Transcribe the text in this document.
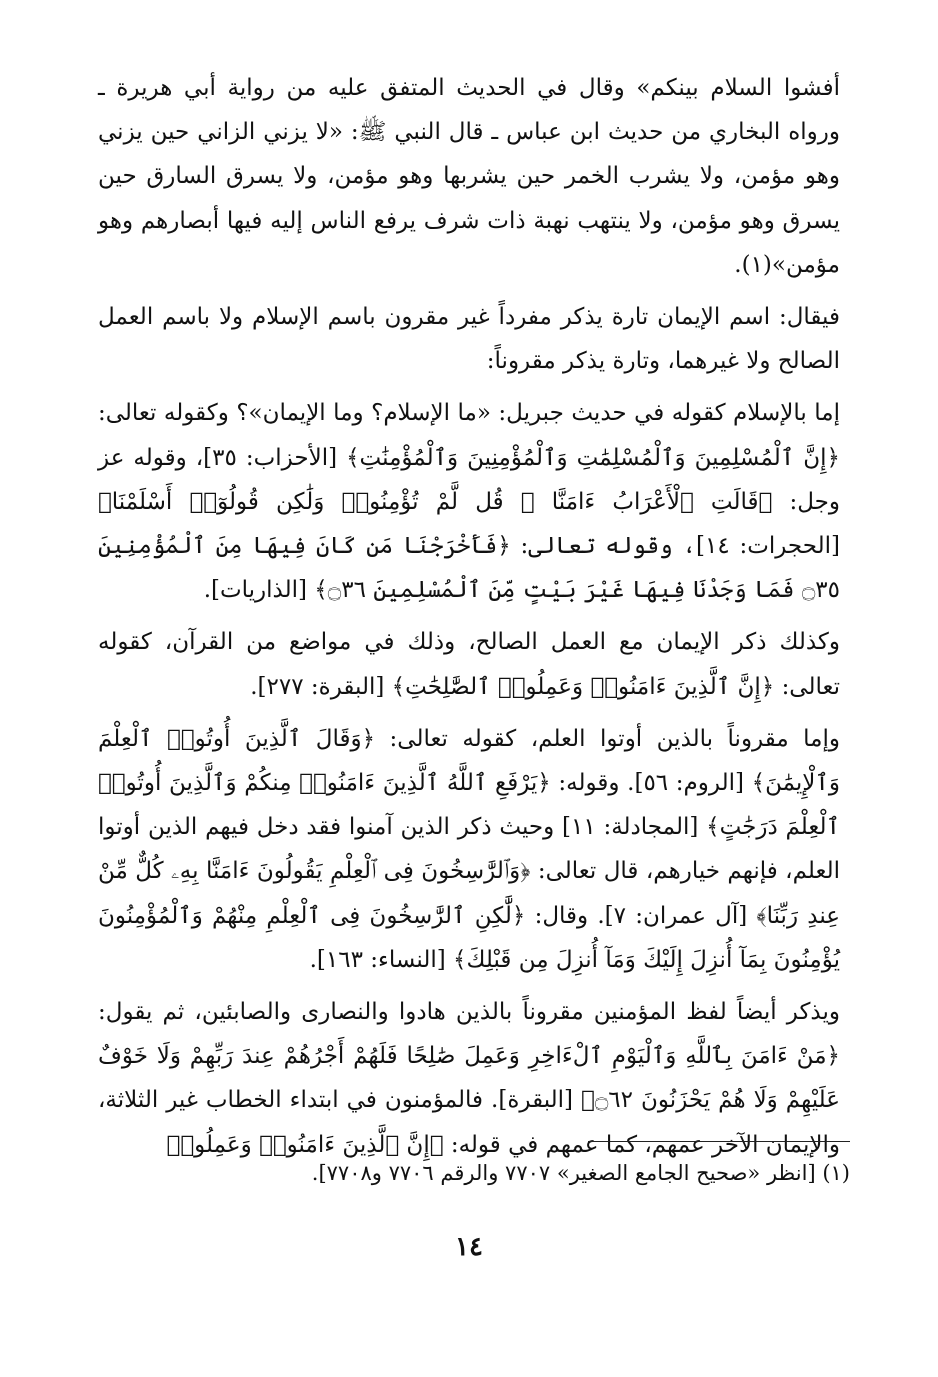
أفشوا السلام بينكم» وقال في الحديث المتفق عليه من رواية أبي هريرة ـ ورواه البخاري من حديث ابن عباس ـ قال النبي ﷺ: «لا يزني الزاني حين يزني وهو مؤمن، ولا يشرب الخمر حين يشربها وهو مؤمن، ولا يسرق السارق حين يسرق وهو مؤمن، ولا ينتهب نهبة ذات شرف يرفع الناس إليه فيها أبصارهم وهو مؤمن»(١).

فيقال: اسم الإيمان تارة يذكر مفرداً غير مقرون باسم الإسلام ولا باسم العمل الصالح ولا غيرهما، وتارة يذكر مقروناً:

إما بالإسلام كقوله في حديث جبريل: «ما الإسلام؟ وما الإيمان»؟ وكقوله تعالى: ﴿إِنَّ ٱلْمُسْلِمِينَ وَٱلْمُسْلِمَٰتِ وَٱلْمُؤْمِنِينَ وَٱلْمُؤْمِنَٰتِ﴾ [الأحزاب: ٣٥]، وقوله عز وجل: ﴿قَالَتِ ٱلْأَعْرَابُ ءَامَنَّا ۖ قُل لَّمْ تُؤْمِنُوا۟ وَلَٰكِن قُولُوٓا۟ أَسْلَمْنَا﴾ [الحجرات: ١٤]، وقوله تعالى: ﴿فَأَخْرَجْنَا مَن كَانَ فِيهَا مِنَ ٱلْمُؤْمِنِينَ ۝٣٥ فَمَا وَجَدْنَا فِيهَا غَيْرَ بَيْتٍ مِّنَ ٱلْمُسْلِمِينَ ۝٣٦﴾ [الذاريات].

وكذلك ذكر الإيمان مع العمل الصالح، وذلك في مواضع من القرآن، كقوله تعالى: ﴿إِنَّ ٱلَّذِينَ ءَامَنُوا۟ وَعَمِلُوا۟ ٱلصَّٰلِحَٰتِ﴾ [البقرة: ٢٧٧].

وإما مقروناً بالذين أوتوا العلم، كقوله تعالى: ﴿وَقَالَ ٱلَّذِينَ أُوتُوا۟ ٱلْعِلْمَ وَٱلْإِيمَٰنَ﴾ [الروم: ٥٦]. وقوله: ﴿يَرْفَعِ ٱللَّهُ ٱلَّذِينَ ءَامَنُوا۟ مِنكُمْ وَٱلَّذِينَ أُوتُوا۟ ٱلْعِلْمَ دَرَجَٰتٍ﴾ [المجادلة: ١١] وحيث ذكر الذين آمنوا فقد دخل فيهم الذين أوتوا العلم، فإنهم خيارهم، قال تعالى: ﴿وَٱلرَّٰسِخُونَ فِى ٱلْعِلْمِ يَقُولُونَ ءَامَنَّا بِهِۦ كُلٌّ مِّنْ عِندِ رَبِّنَا﴾ [آل عمران: ٧]. وقال: ﴿لَّٰكِنِ ٱلرَّٰسِخُونَ فِى ٱلْعِلْمِ مِنْهُمْ وَٱلْمُؤْمِنُونَ يُؤْمِنُونَ بِمَآ أُنزِلَ إِلَيْكَ وَمَآ أُنزِلَ مِن قَبْلِكَ﴾ [النساء: ١٦٣].

ويذكر أيضاً لفظ المؤمنين مقروناً بالذين هادوا والنصارى والصابئين، ثم يقول: ﴿مَنْ ءَامَنَ بِٱللَّهِ وَٱلْيَوْمِ ٱلْءَاخِرِ وَعَمِلَ صَٰلِحًا فَلَهُمْ أَجْرُهُمْ عِندَ رَبِّهِمْ وَلَا خَوْفٌ عَلَيْهِمْ وَلَا هُمْ يَحْزَنُونَ ۝٦٢﴾ [البقرة]. فالمؤمنون في ابتداء الخطاب غير الثلاثة، والإيمان الآخر عمهم، كما عمهم في قوله: ﴿إِنَّ ٱلَّذِينَ ءَامَنُوا۟ وَعَمِلُوا۟

(١) [انظر «صحيح الجامع الصغير» ٧٧٠٧ والرقم ٧٧٠٦ و٧٧٠٨].
١٤
